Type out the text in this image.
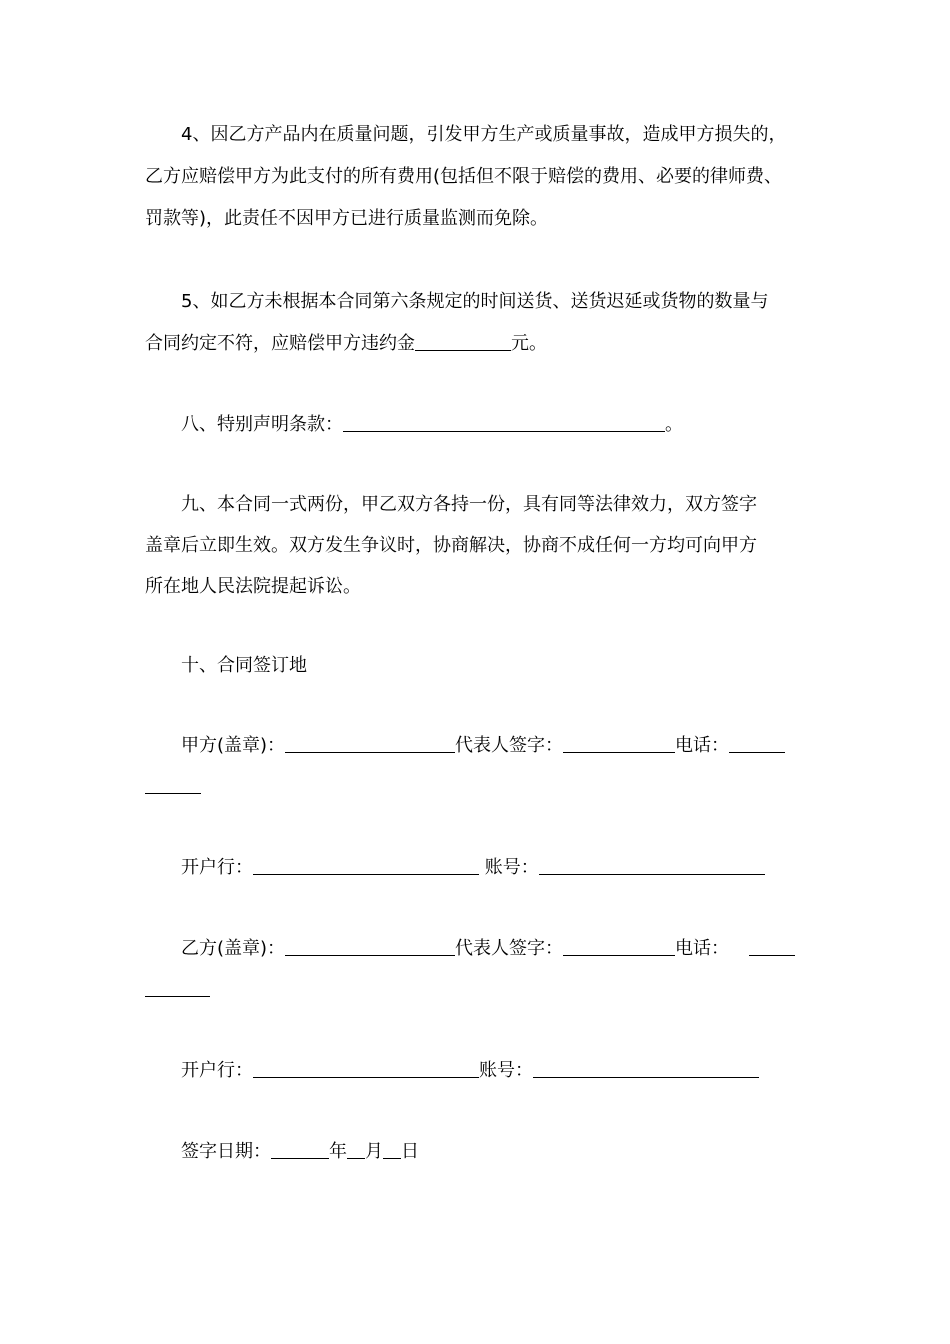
4、因乙方产品内在质量问题，引发甲方生产或质量事故，造成甲方损失的，
乙方应赔偿甲方为此支付的所有费用(包括但不限于赔偿的费用、必要的律师费、
罚款等)，此责任不因甲方已进行质量监测而免除。
5、如乙方未根据本合同第六条规定的时间送货、送货迟延或货物的数量与
合同约定不符，应赔偿甲方违约金	元。
八、特别声明条款：	。
九、本合同一式两份，甲乙双方各持一份，具有同等法律效力，双方签字
盖章后立即生效。双方发生争议时，协商解决，协商不成任何一方均可向甲方
所在地人民法院提起诉讼。
十、合同签订地
甲方(盖章)：	代表人签字：	电话：
开户行：	账号：
乙方(盖章)：	代表人签字：	电话：
开户行：	账号：
签字日期：	年 月 日
